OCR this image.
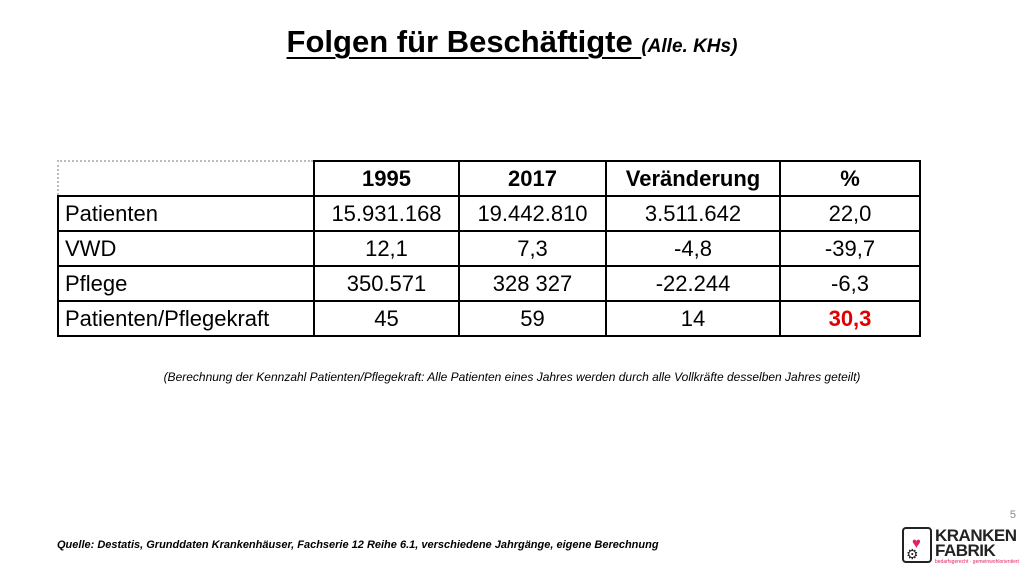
Folgen für Beschäftigte (Alle. KHs)
	1995	2017	Veränderung	%
Patienten	15.931.168	19.442.810	3.511.642	22,0
VWD	12,1	7,3	-4,8	-39,7
Pflege	350.571	328 327	-22.244	-6,3
Patienten/Pflegekraft	45	59	14	30,3
(Berechnung der Kennzahl Patienten/Pflegekraft: Alle Patienten eines Jahres werden durch alle Vollkräfte desselben Jahres geteilt)
Quelle: Destatis, Grunddaten Krankenhäuser, Fachserie 12 Reihe 6.1, verschiedene Jahrgänge, eigene Berechnung
5
♥
⚙
KRANKEN
FABRIK
bedarfsgerecht · gemeinwohlorientiert
